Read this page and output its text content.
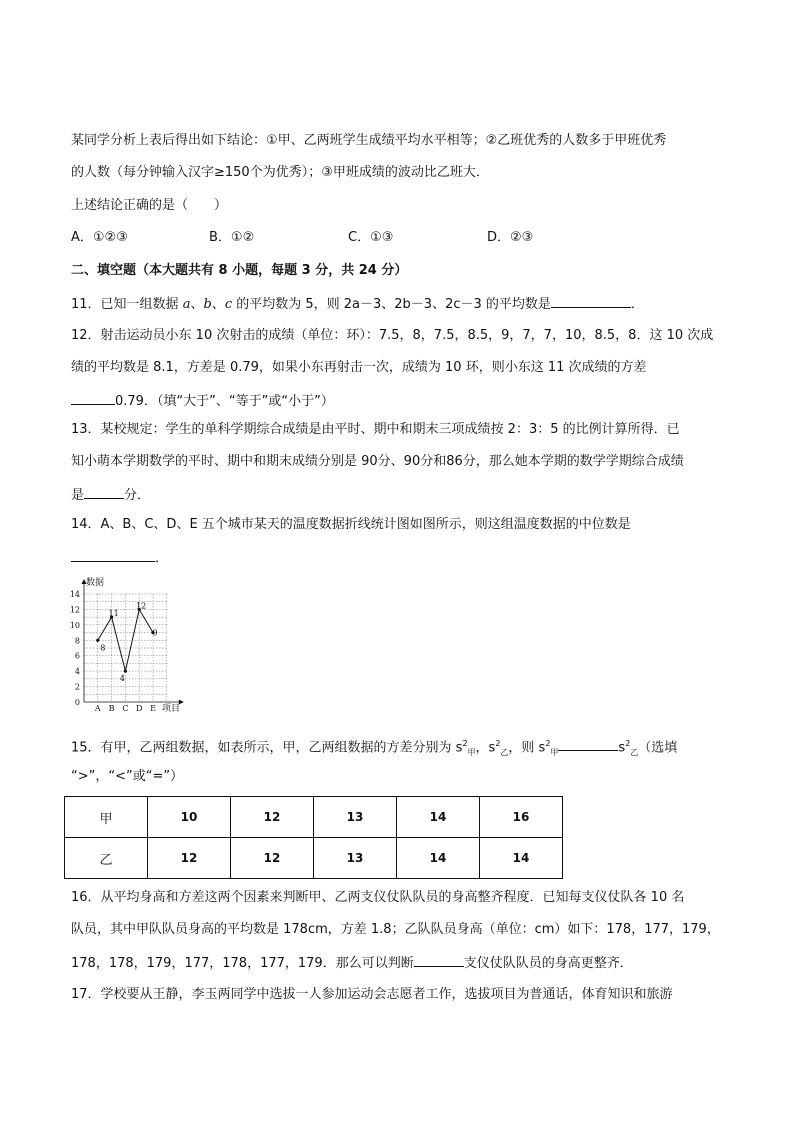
某同学分析上表后得出如下结论：①甲、乙两班学生成绩平均水平相等；②乙班优秀的人数多于甲班优秀
的人数（每分钟输入汉字≥150个为优秀）；③甲班成绩的波动比乙班大．
上述结论正确的是（　　）
A．①②③	B．①②	C．①③	D．②③
二、填空题（本大题共有 8 小题，每题 3 分，共 24 分）
11．已知一组数据 a、b、c 的平均数为 5，则 2a－3、2b－3、2c－3 的平均数是	．
12．射击运动员小东 10 次射击的成绩（单位：环）：7.5，8，7.5，8.5，9，7，7，10，8.5，8．这 10 次成
绩的平均数是 8.1，方差是 0.79，如果小东再射击一次，成绩为 10 环，则小东这 11 次成绩的方差
0.79．（填“大于”、“等于”或“小于”）
13．某校规定：学生的单科学期综合成绩是由平时、期中和期末三项成绩按 2：3：5 的比例计算所得．已
知小萌本学期数学的平时、期中和期末成绩分别是 90分、90分和86分，那么她本学期的数学学期综合成绩
是	分．
14．A、B、C、D、E 五个城市某天的温度数据折线统计图如图所示，则这组温度数据的中位数是
．
0
2
4
6
8
10
12
14
A B C D E
8
11
4
12
9
数据
项目
15．有甲，乙两组数据，如表所示，甲，乙两组数据的方差分别为 $s^2_甲$，$s^2_乙$，则 $s^2_甲$	$s^2_乙$（选填
“>”，“<”或“=”）
甲	10	12	13	14	16
乙	12	12	13	14	14
16．从平均身高和方差这两个因素来判断甲、乙两支仪仗队队员的身高整齐程度．已知每支仪仗队各 10 名
队员，其中甲队队员身高的平均数是 178cm，方差 1.8；乙队队员身高（单位：cm）如下：178，177，179，
178，178，179，177，178，177，179．那么可以判断	支仪仗队队员的身高更整齐．
17．学校要从王静，李玉两同学中选拔一人参加运动会志愿者工作，选拔项目为普通话，体育知识和旅游
